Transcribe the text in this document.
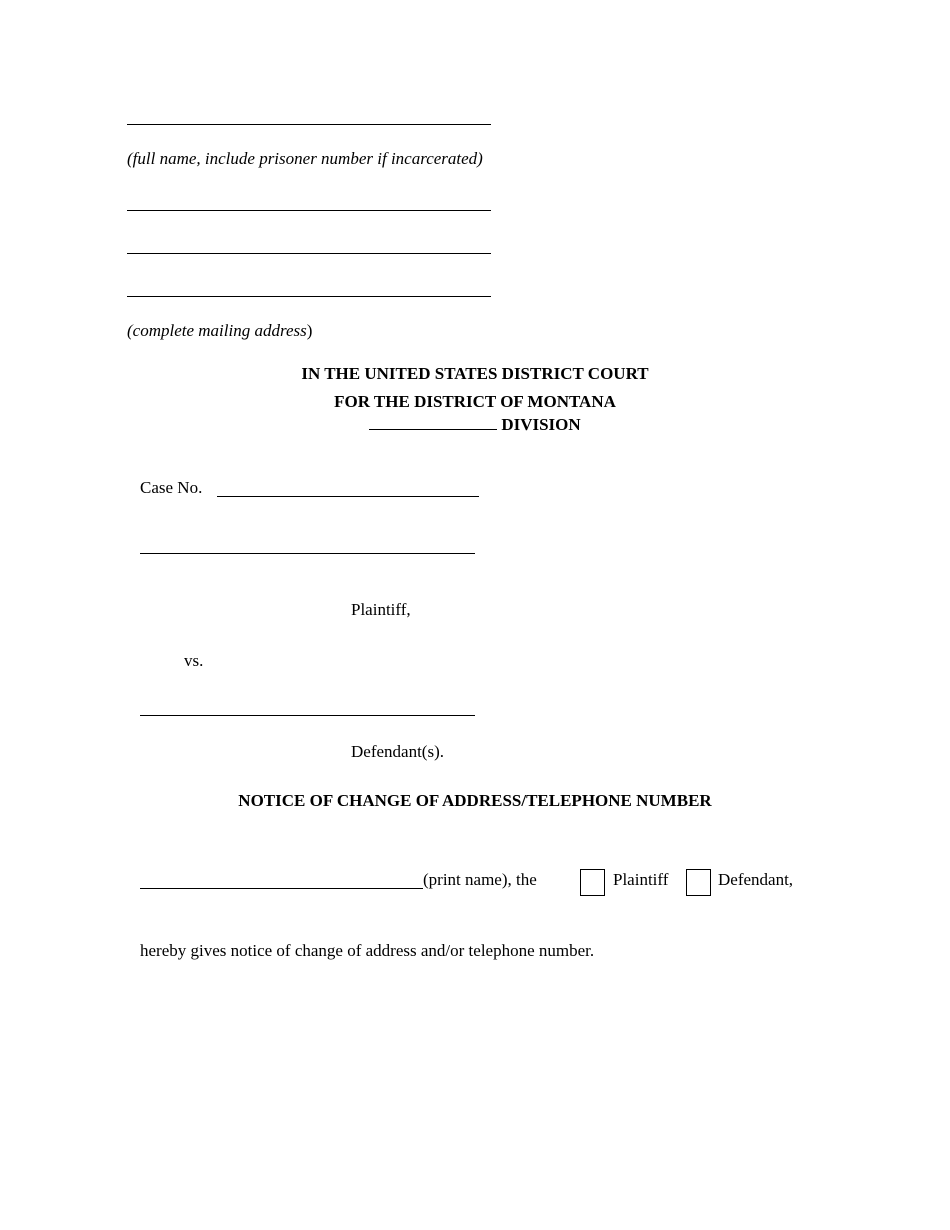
(full name, include prisoner number if incarcerated)
(complete mailing address)
IN THE UNITED STATES DISTRICT COURT
FOR THE DISTRICT OF MONTANA
DIVISION
Case No.
Plaintiff,
vs.
Defendant(s).
NOTICE OF CHANGE OF ADDRESS/TELEPHONE NUMBER
(print name), the	Plaintiff	Defendant,
hereby gives notice of change of address and/or telephone number.
